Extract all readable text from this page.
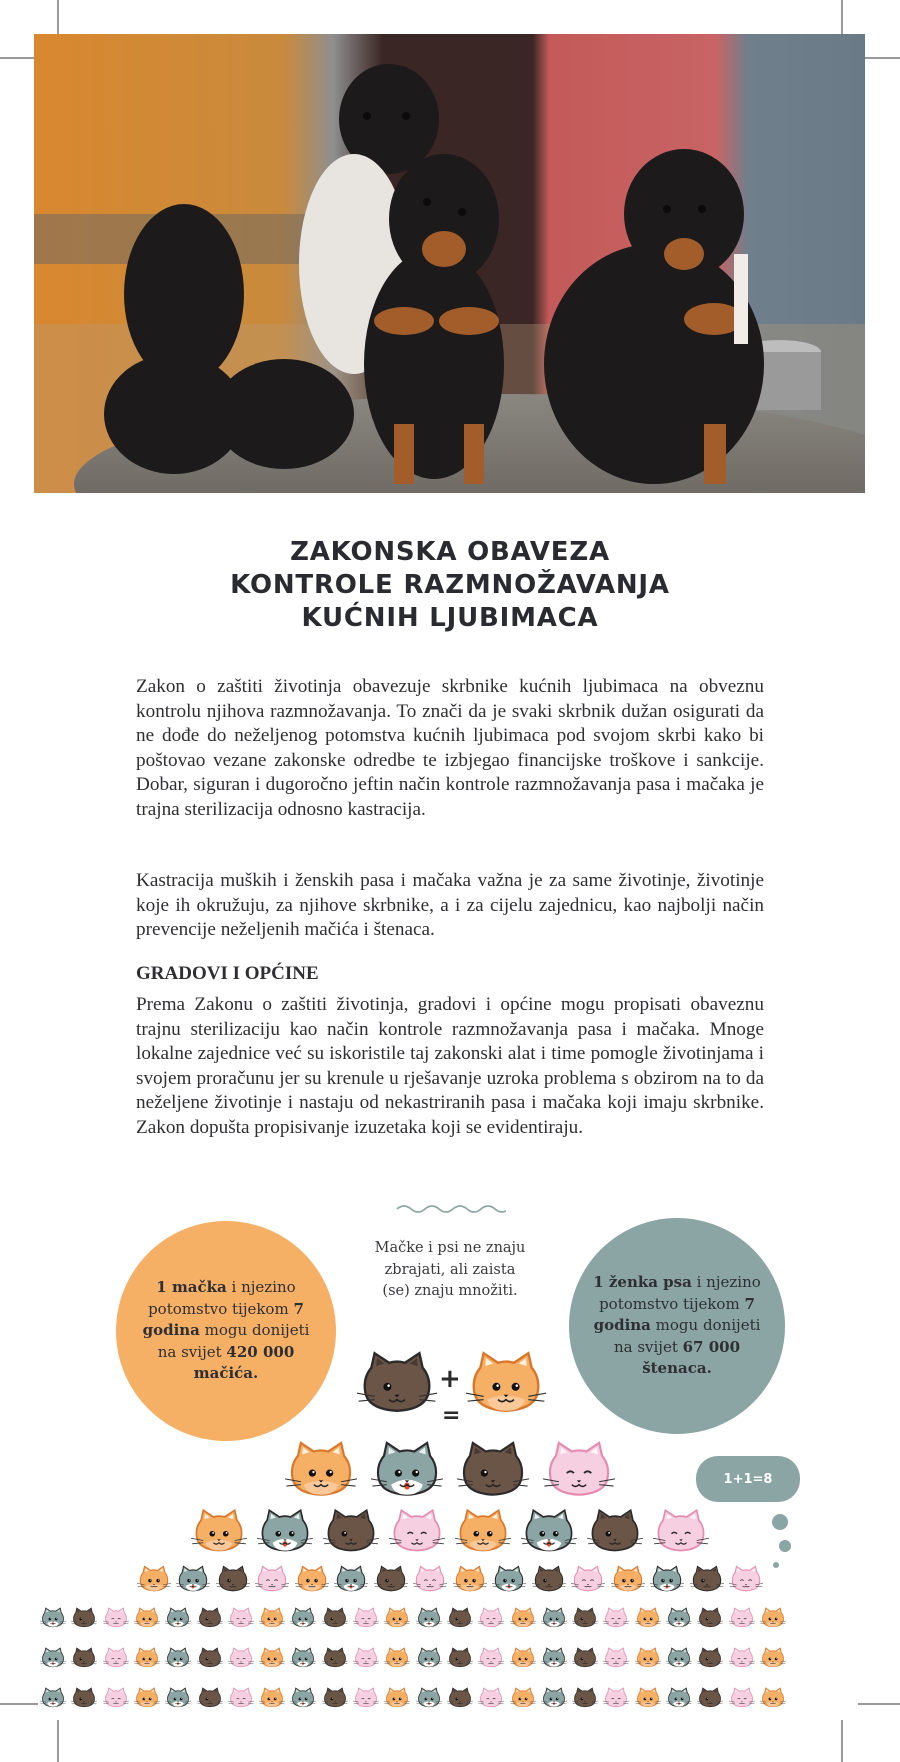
ZAKONSKA OBAVEZA
KONTROLE RAZMNOŽAVANJA
KUĆNIH LJUBIMACA

Zakon o zaštiti životinja obavezuje skrbnike kućnih ljubimaca na obveznu kontrolu njihova razmnožavanja. To znači da je svaki skrbnik dužan osigurati da ne dođe do neželjenog potomstva kućnih ljubimaca pod svojom skrbi kako bi poštovao vezane zakonske odredbe te izbjegao financijske troškove i sankcije. Dobar, siguran i dugoročno jeftin način kontrole razmnožavanja pasa i mačaka je trajna sterilizacija odnosno kastracija.

Kastracija muških i ženskih pasa i mačaka važna je za same životinje, životinje koje ih okružuju, za njihove skrbnike, a i za cijelu zajednicu, kao najbolji način prevencije neželjenih mačića i štenaca.

GRADOVI I OPĆINE

Prema Zakonu o zaštiti životinja, gradovi i općine mogu propisati obaveznu trajnu sterilizaciju kao način kontrole razmnožavanja pasa i mačaka. Mnoge lokalne zajednice već su iskoristile taj zakonski alat i time pomogle životinjama i svojem proračunu jer su krenule u rješavanje uzroka problema s obzirom na to da neželjene životinje i nastaju od nekastriranih pasa i mačaka koji imaju skrbnike. Zakon dopušta propisivanje izuzetaka koji se evidentiraju.

1 mačka i njezino potomstvo tijekom 7 godina mogu donijeti na svijet 420 000 mačića.
1 ženka psa i njezino potomstvo tijekom 7 godina mogu donijeti na svijet 67 000 štenaca.
Mačke i psi ne znaju zbrajati, ali zaista (se) znaju množiti.
+
=
1+1=8
